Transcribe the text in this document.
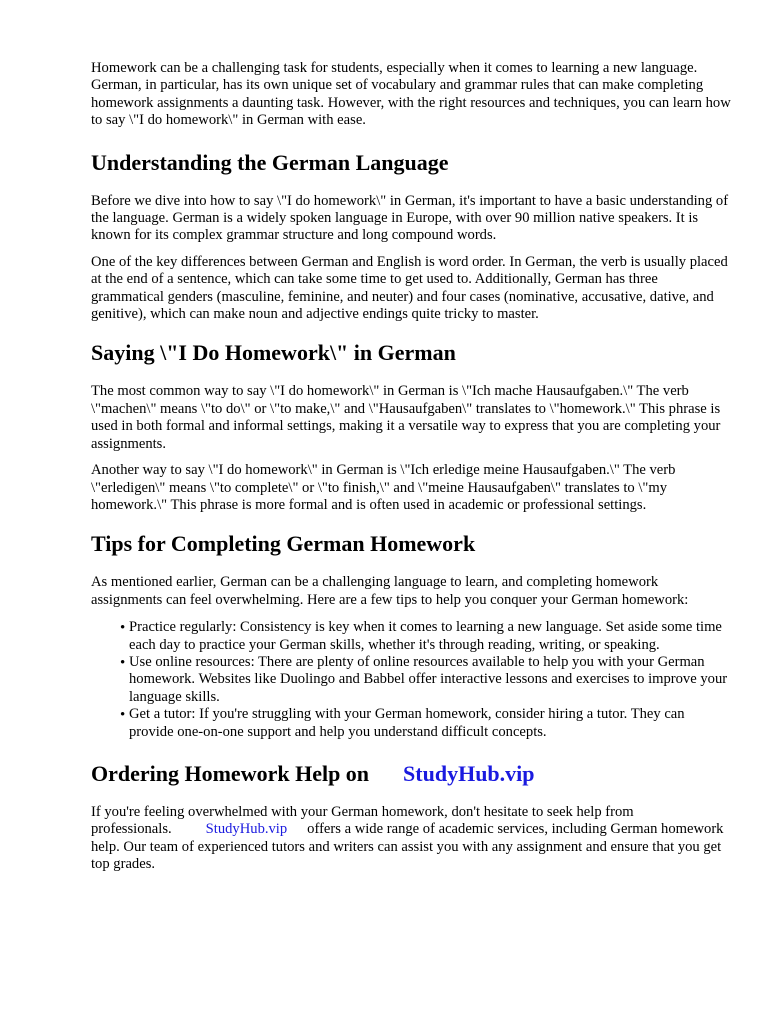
Homework can be a challenging task for students, especially when it comes to learning a new language. German, in particular, has its own unique set of vocabulary and grammar rules that can make completing homework assignments a daunting task. However, with the right resources and techniques, you can learn how to say \"I do homework\" in German with ease.

Understanding the German Language

Before we dive into how to say \"I do homework\" in German, it's important to have a basic understanding of the language. German is a widely spoken language in Europe, with over 90 million native speakers. It is known for its complex grammar structure and long compound words.

One of the key differences between German and English is word order. In German, the verb is usually placed at the end of a sentence, which can take some time to get used to. Additionally, German has three grammatical genders (masculine, feminine, and neuter) and four cases (nominative, accusative, dative, and genitive), which can make noun and adjective endings quite tricky to master.

Saying \"I Do Homework\" in German

The most common way to say \"I do homework\" in German is \"Ich mache Hausaufgaben.\" The verb \"machen\" means \"to do\" or \"to make,\" and \"Hausaufgaben\" translates to \"homework.\" This phrase is used in both formal and informal settings, making it a versatile way to express that you are completing your assignments.

Another way to say \"I do homework\" in German is \"Ich erledige meine Hausaufgaben.\" The verb \"erledigen\" means \"to complete\" or \"to finish,\" and \"meine Hausaufgaben\" translates to \"my homework.\" This phrase is more formal and is often used in academic or professional settings.

Tips for Completing German Homework

As mentioned earlier, German can be a challenging language to learn, and completing homework assignments can feel overwhelming. Here are a few tips to help you conquer your German homework:

• Practice regularly: Consistency is key when it comes to learning a new language. Set aside some time each day to practice your German skills, whether it's through reading, writing, or speaking.
• Use online resources: There are plenty of online resources available to help you with your German homework. Websites like Duolingo and Babbel offer interactive lessons and exercises to improve your language skills.
• Get a tutor: If you're struggling with your German homework, consider hiring a tutor. They can provide one-on-one support and help you understand difficult concepts.
Ordering Homework Help on StudyHub.vip

If you're feeling overwhelmed with your German homework, don't hesitate to seek help from professionals. StudyHub.vip offers a wide range of academic services, including German homework help. Our team of experienced tutors and writers can assist you with any assignment and ensure that you get top grades.
